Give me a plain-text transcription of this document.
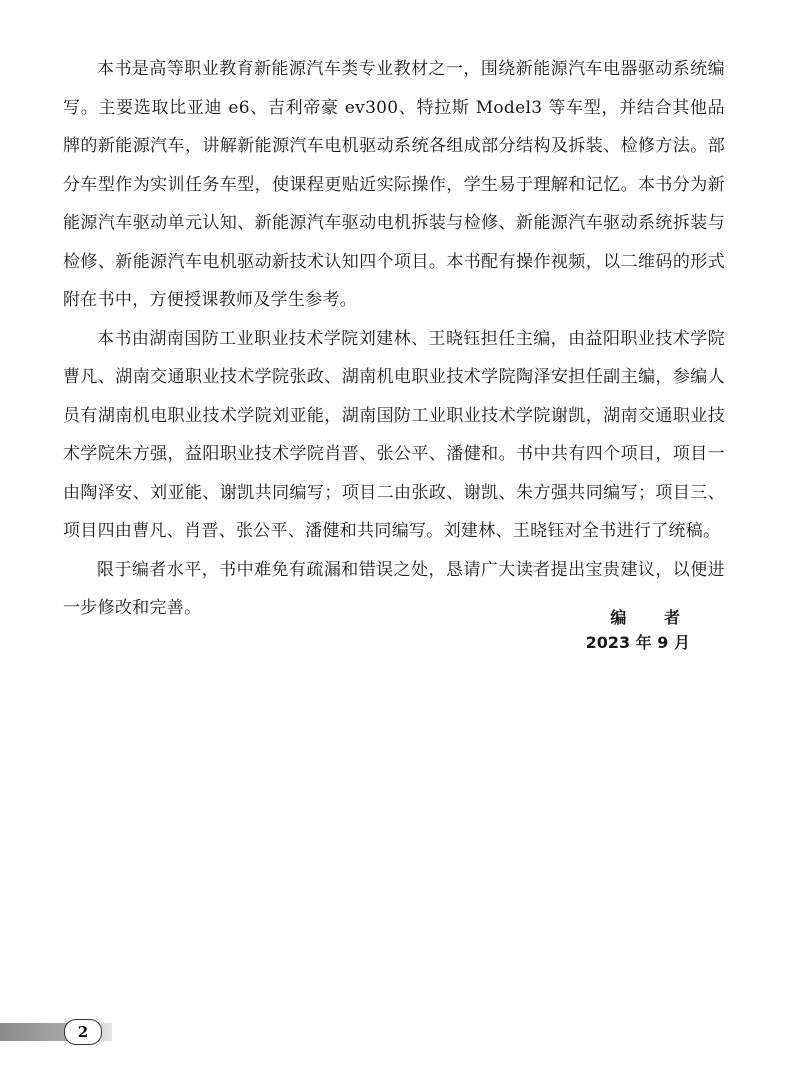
本书是高等职业教育新能源汽车类专业教材之一，围绕新能源汽车电器驱动系统编写。主要选取比亚迪 e6、吉利帝豪 ev300、特拉斯 Model3 等车型，并结合其他品牌的新能源汽车，讲解新能源汽车电机驱动系统各组成部分结构及拆装、检修方法。部分车型作为实训任务车型，使课程更贴近实际操作，学生易于理解和记忆。本书分为新能源汽车驱动单元认知、新能源汽车驱动电机拆装与检修、新能源汽车驱动系统拆装与检修、新能源汽车电机驱动新技术认知四个项目。本书配有操作视频，以二维码的形式附在书中，方便授课教师及学生参考。

本书由湖南国防工业职业技术学院刘建林、王晓钰担任主编，由益阳职业技术学院曹凡、湖南交通职业技术学院张政、湖南机电职业技术学院陶泽安担任副主编，参编人员有湖南机电职业技术学院刘亚能，湖南国防工业职业技术学院谢凯，湖南交通职业技术学院朱方强，益阳职业技术学院肖晋、张公平、潘健和。书中共有四个项目，项目一由陶泽安、刘亚能、谢凯共同编写；项目二由张政、谢凯、朱方强共同编写；项目三、项目四由曹凡、肖晋、张公平、潘健和共同编写。刘建林、王晓钰对全书进行了统稿。

限于编者水平，书中难免有疏漏和错误之处，恳请广大读者提出宝贵建议，以便进一步修改和完善。	编 者
2023 年 9 月
2
